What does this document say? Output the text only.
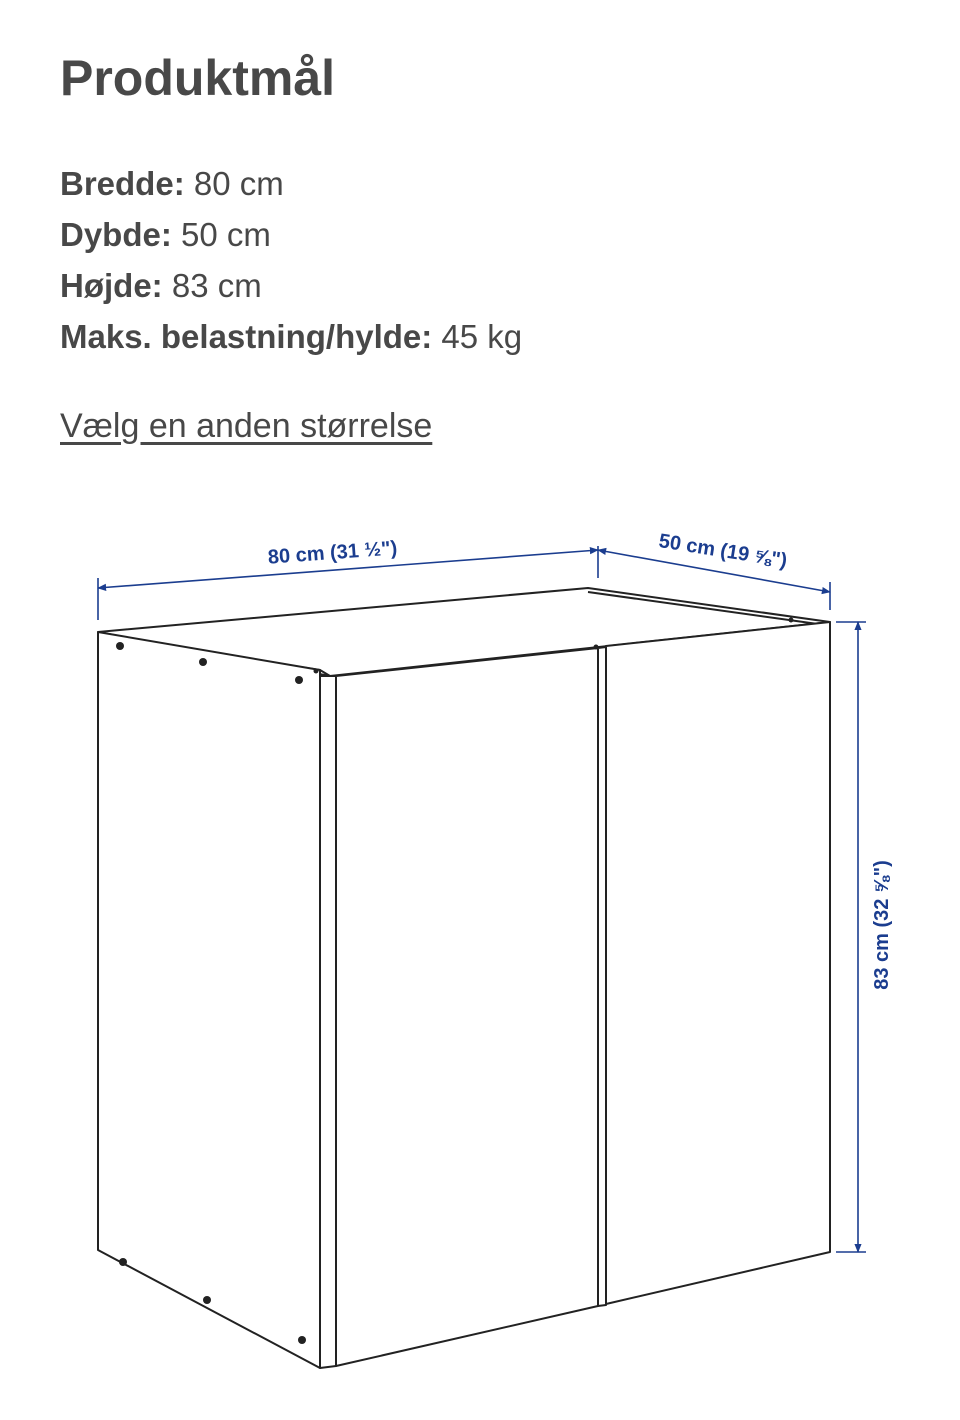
Produktmål
Bredde: 80 cm
Dybde: 50 cm
Højde: 83 cm
Maks. belastning/hylde: 45 kg
Vælg en anden størrelse
80 cm (31 ½")	50 cm (19 ⅝")
83 cm (32 ⅝")
